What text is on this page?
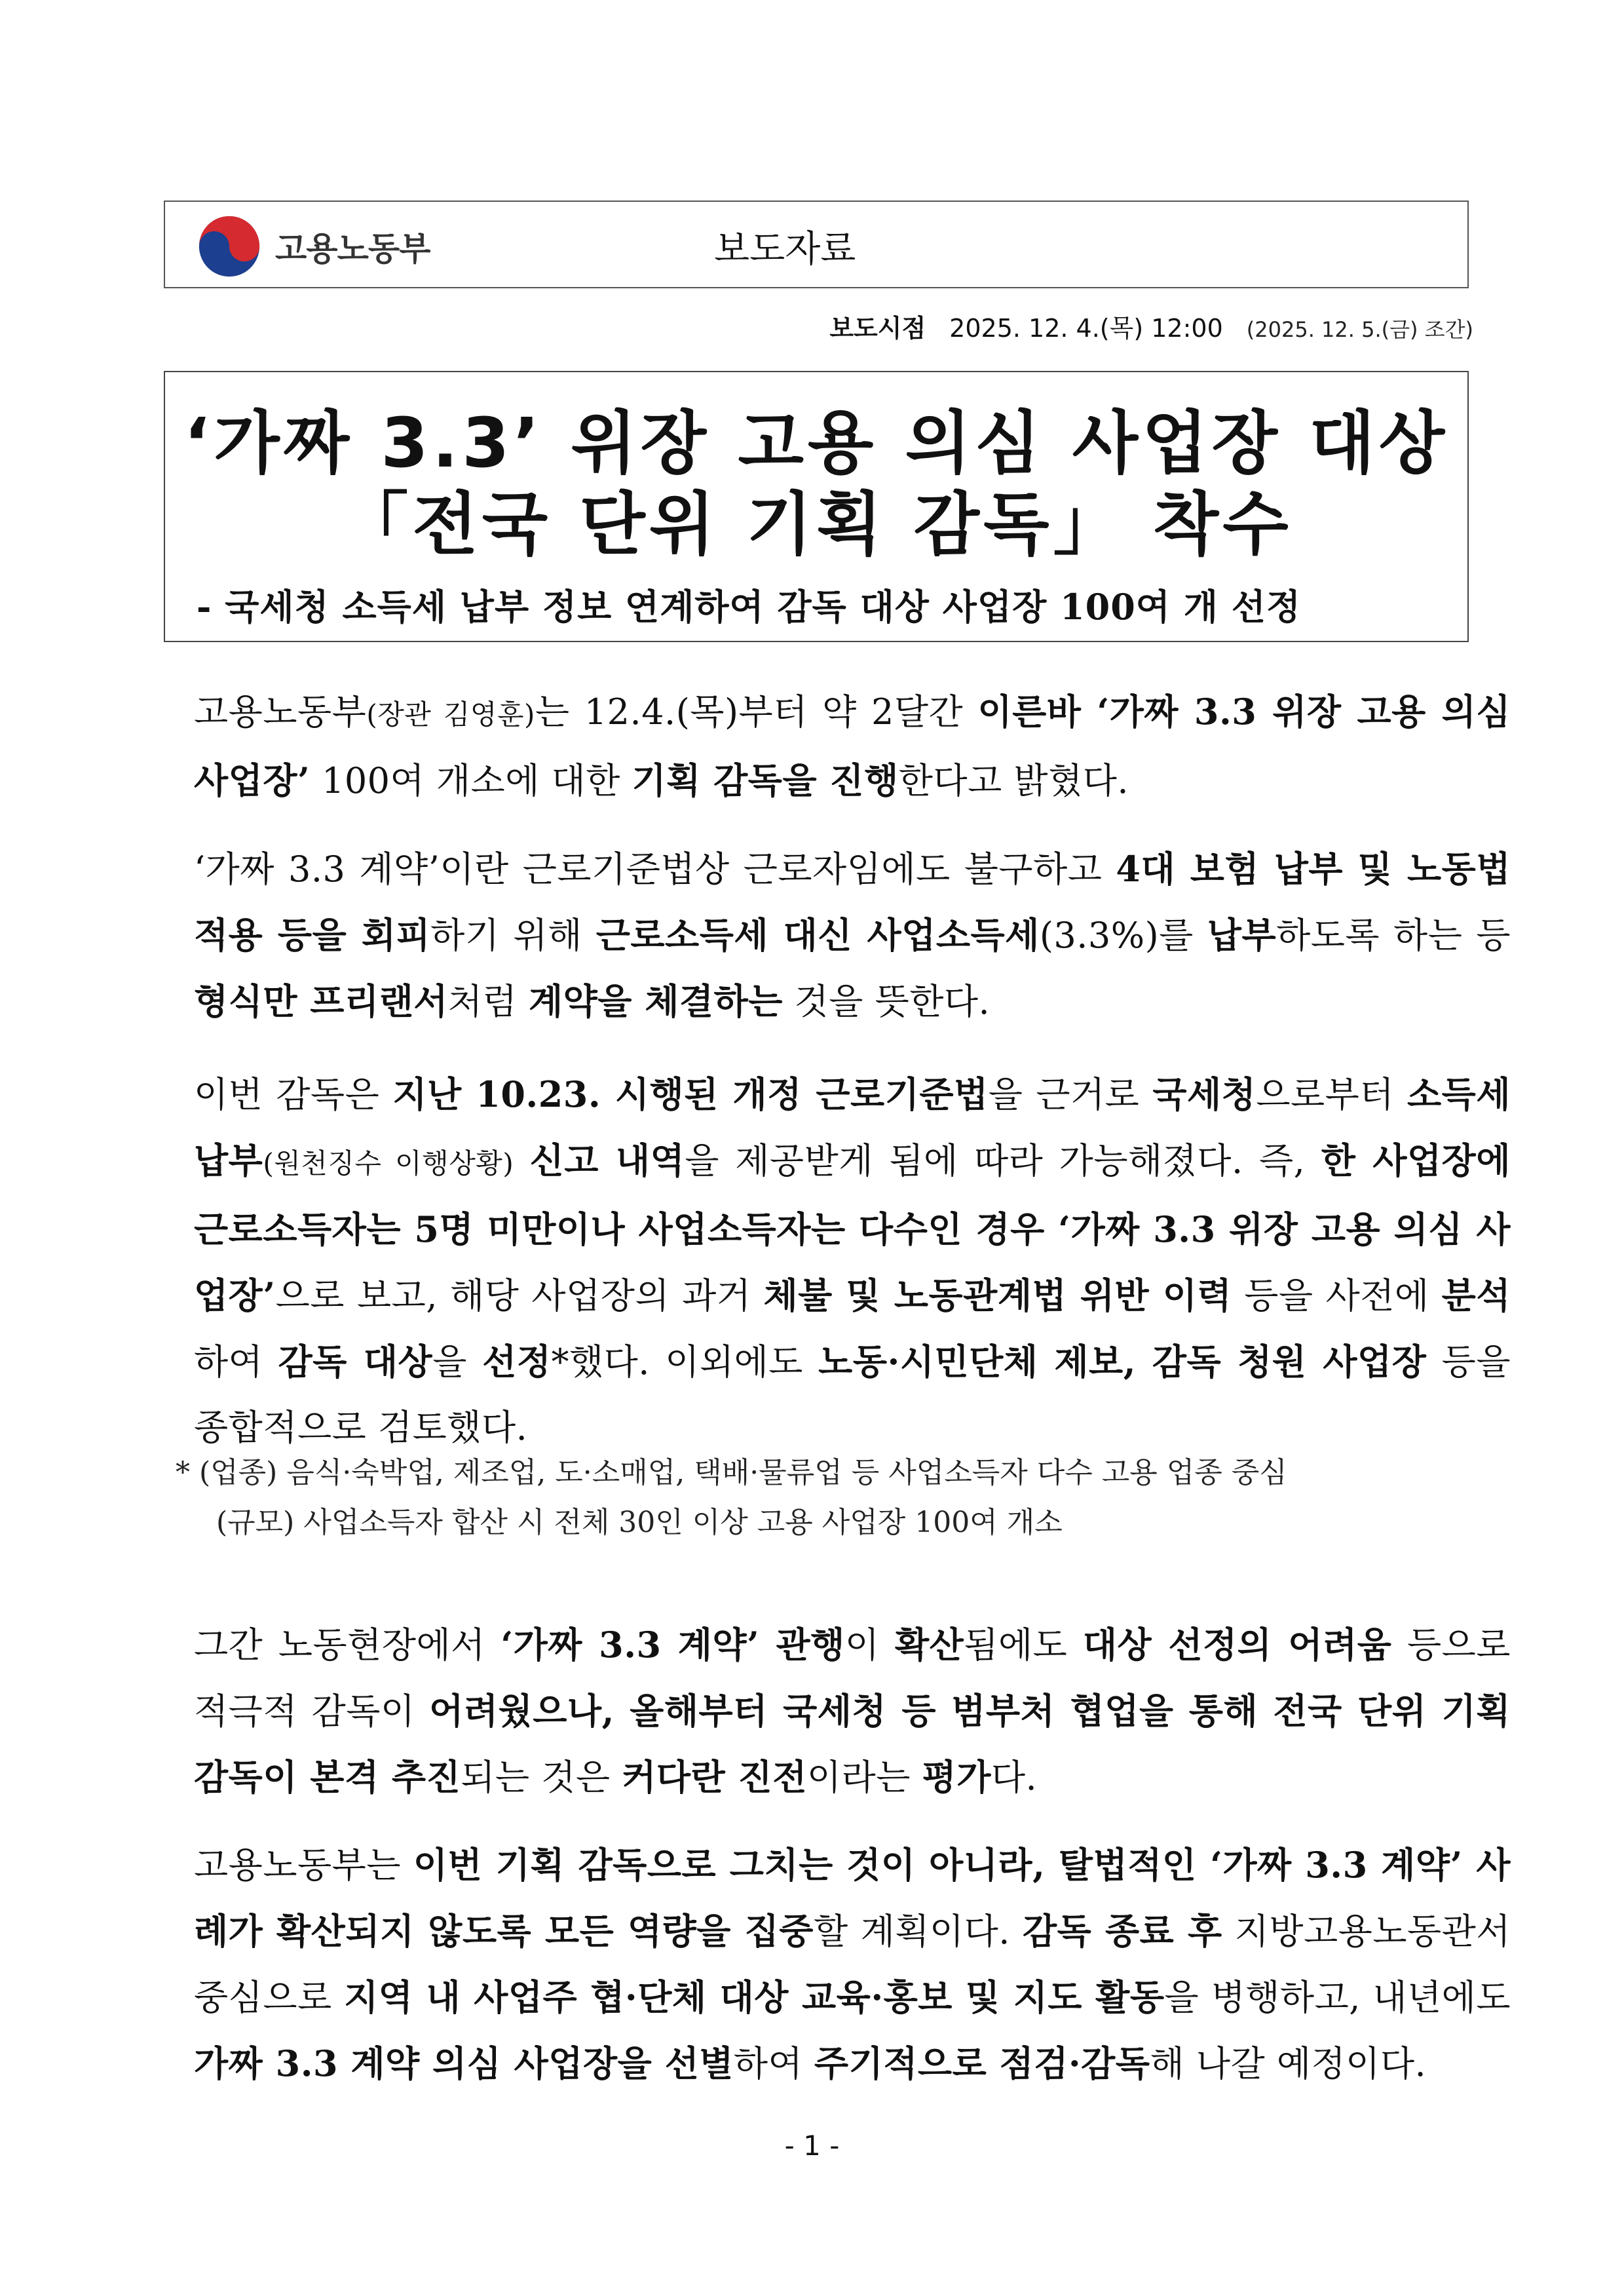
고용노동부	보도자료
보도시점 2025. 12. 4.(목) 12:00 (2025. 12. 5.(금) 조간)
‘가짜 3.3’ 위장 고용 의심 사업장 대상
「전국 단위 기획 감독」 착수
- 국세청 소득세 납부 정보 연계하여 감독 대상 사업장 100여 개 선정
고용노동부(장관 김영훈)는 12.4.(목)부터 약 2달간 이른바 ‘가짜 3.3 위장 고용 의심 사업장’ 100여 개소에 대한 기획 감독을 진행한다고 밝혔다.
‘가짜 3.3 계약’이란 근로기준법상 근로자임에도 불구하고 4대 보험 납부 및 노동법 적용 등을 회피하기 위해 근로소득세 대신 사업소득세(3.3%)를 납부하도록 하는 등 형식만 프리랜서처럼 계약을 체결하는 것을 뜻한다.
이번 감독은 지난 10.23. 시행된 개정 근로기준법을 근거로 국세청으로부터 소득세 납부(원천징수 이행상황) 신고 내역을 제공받게 됨에 따라 가능해졌다. 즉, 한 사업장에 근로소득자는 5명 미만이나 사업소득자는 다수인 경우 ‘가짜 3.3 위장 고용 의심 사업장’으로 보고, 해당 사업장의 과거 체불 및 노동관계법 위반 이력 등을 사전에 분석하여 감독 대상을 선정*했다. 이외에도 노동·시민단체 제보, 감독 청원 사업장 등을 종합적으로 검토했다.
* (업종) 음식·숙박업, 제조업, 도·소매업, 택배·물류업 등 사업소득자 다수 고용 업종 중심
(규모) 사업소득자 합산 시 전체 30인 이상 고용 사업장 100여 개소
그간 노동현장에서 ‘가짜 3.3 계약’ 관행이 확산됨에도 대상 선정의 어려움 등으로 적극적 감독이 어려웠으나, 올해부터 국세청 등 범부처 협업을 통해 전국 단위 기획 감독이 본격 추진되는 것은 커다란 진전이라는 평가다.
고용노동부는 이번 기획 감독으로 그치는 것이 아니라, 탈법적인 ‘가짜 3.3 계약’ 사례가 확산되지 않도록 모든 역량을 집중할 계획이다. 감독 종료 후 지방고용노동관서 중심으로 지역 내 사업주 협·단체 대상 교육·홍보 및 지도 활동을 병행하고, 내년에도 가짜 3.3 계약 의심 사업장을 선별하여 주기적으로 점검·감독해 나갈 예정이다.
- 1 -
